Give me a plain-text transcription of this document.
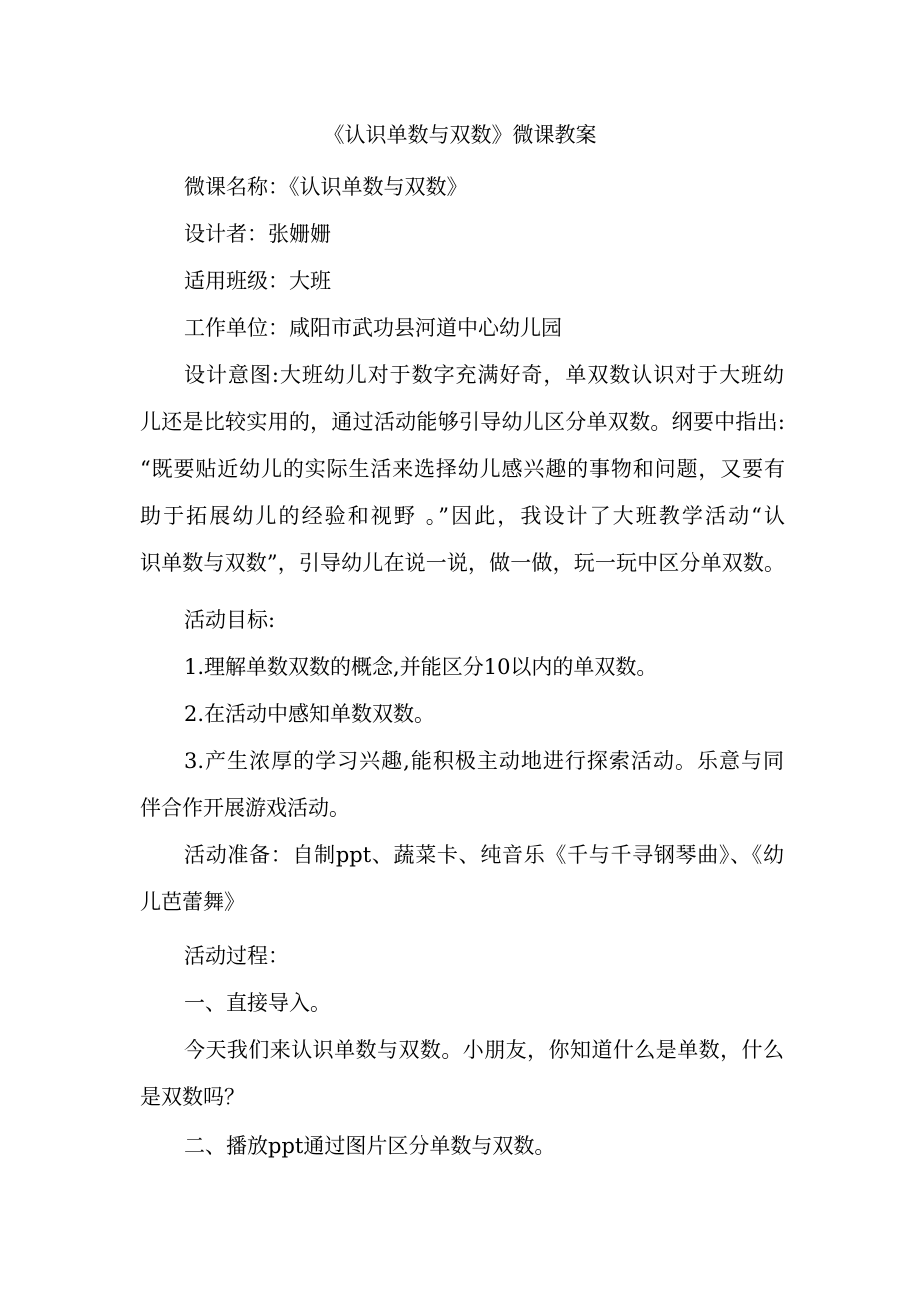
《认识单数与双数》微课教案
微课名称：《认识单数与双数》
设计者：张姗姗
适用班级：大班
工作单位：咸阳市武功县河道中心幼儿园
设计意图:大班幼儿对于数字充满好奇，单双数认识对于大班幼
儿还是比较实用的，通过活动能够引导幼儿区分单双数。纲要中指出:
“既要贴近幼儿的实际生活来选择幼儿感兴趣的事物和问题，又要有
助于拓展幼儿的经验和视野 。”因此，我设计了大班教学活动“认
识单数与双数”，引导幼儿在说一说，做一做，玩一玩中区分单双数。
活动目标:
1.理解单数双数的概念,并能区分10以内的单双数。
2.在活动中感知单数双数。
3.产生浓厚的学习兴趣,能积极主动地进行探索活动。乐意与同
伴合作开展游戏活动。
活动准备：自制ppt、蔬菜卡、纯音乐《千与千寻钢琴曲》、《幼
儿芭蕾舞》
活动过程：
一、直接导入。
今天我们来认识单数与双数。小朋友，你知道什么是单数，什么
是双数吗？
二、播放ppt通过图片区分单数与双数。
